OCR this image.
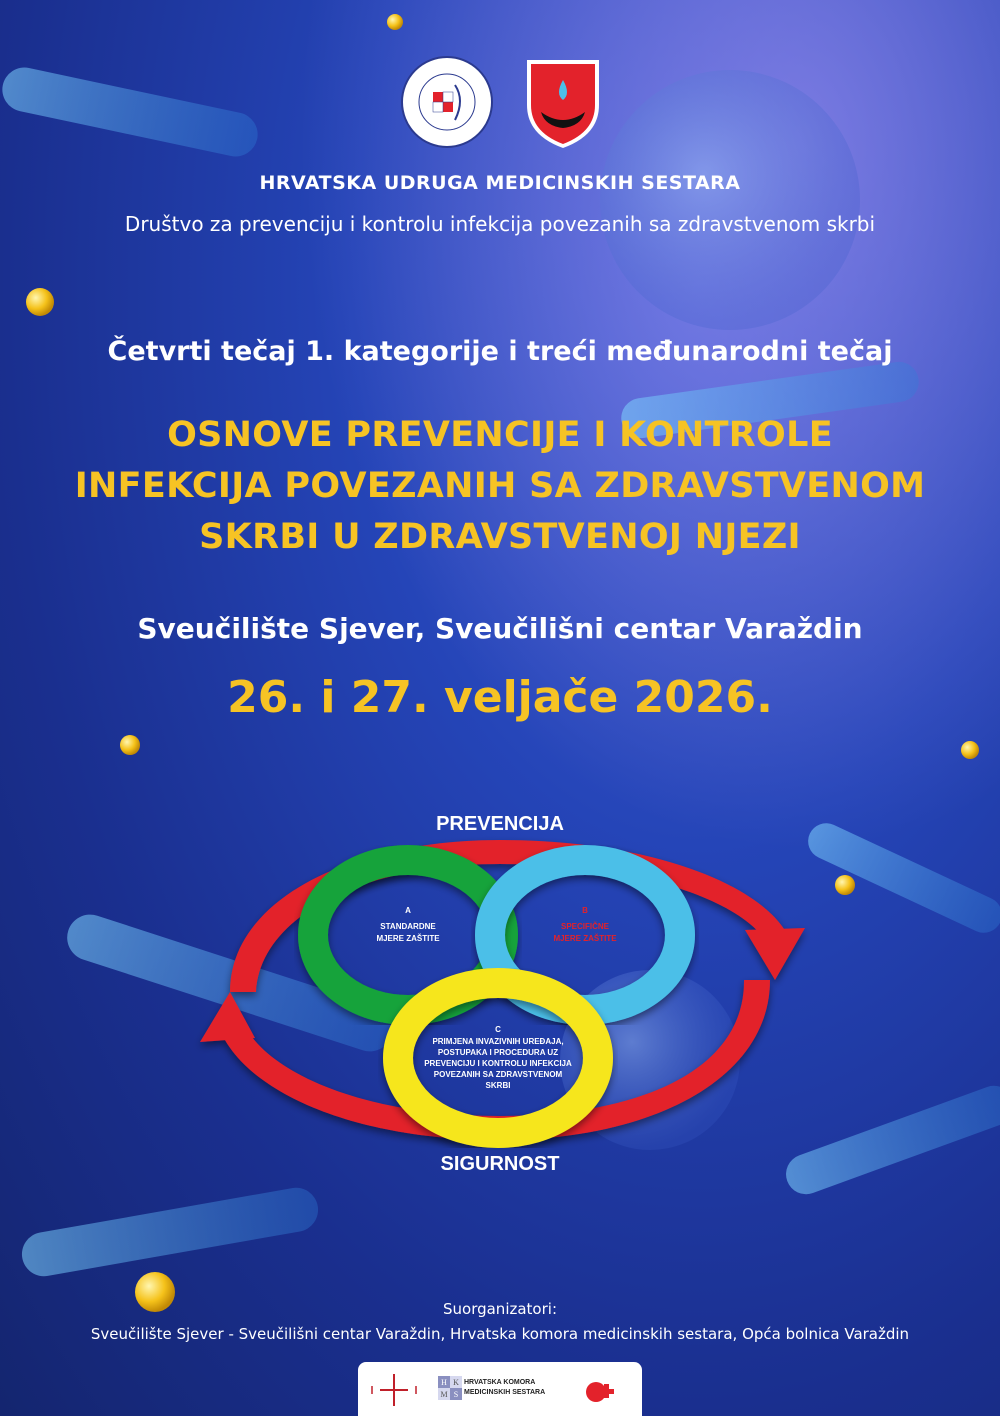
HRVATSKA UDRUGA MEDICINSKIH SESTARA
Društvo za prevenciju i kontrolu infekcija povezanih sa zdravstvenom skrbi
Četvrti tečaj 1. kategorije i treći međunarodni tečaj
OSNOVE PREVENCIJE I KONTROLE
INFEKCIJA POVEZANIH SA ZDRAVSTVENOM
SKRBI U ZDRAVSTVENOJ NJEZI
Sveučilište Sjever, Sveučilišni centar Varaždin
26. i 27. veljače 2026.
PREVENCIJA
SIGURNOST
A
STANDARDNE
MJERE ZAŠTITE
B
SPECIFIČNE
MJERE ZAŠTITE
C
PRIMJENA INVAZIVNIH UREĐAJA,
POSTUPAKA I PROCEDURA UZ
PREVENCIJU I KONTROLU INFEKCIJA
POVEZANIH SA ZDRAVSTVENOM
SKRBI
Suorganizatori:
Sveučilište Sjever - Sveučilišni centar Varaždin, Hrvatska komora medicinskih sestara, Opća bolnica Varaždin
H K
M S
HRVATSKA KOMORA
MEDICINSKIH SESTARA
